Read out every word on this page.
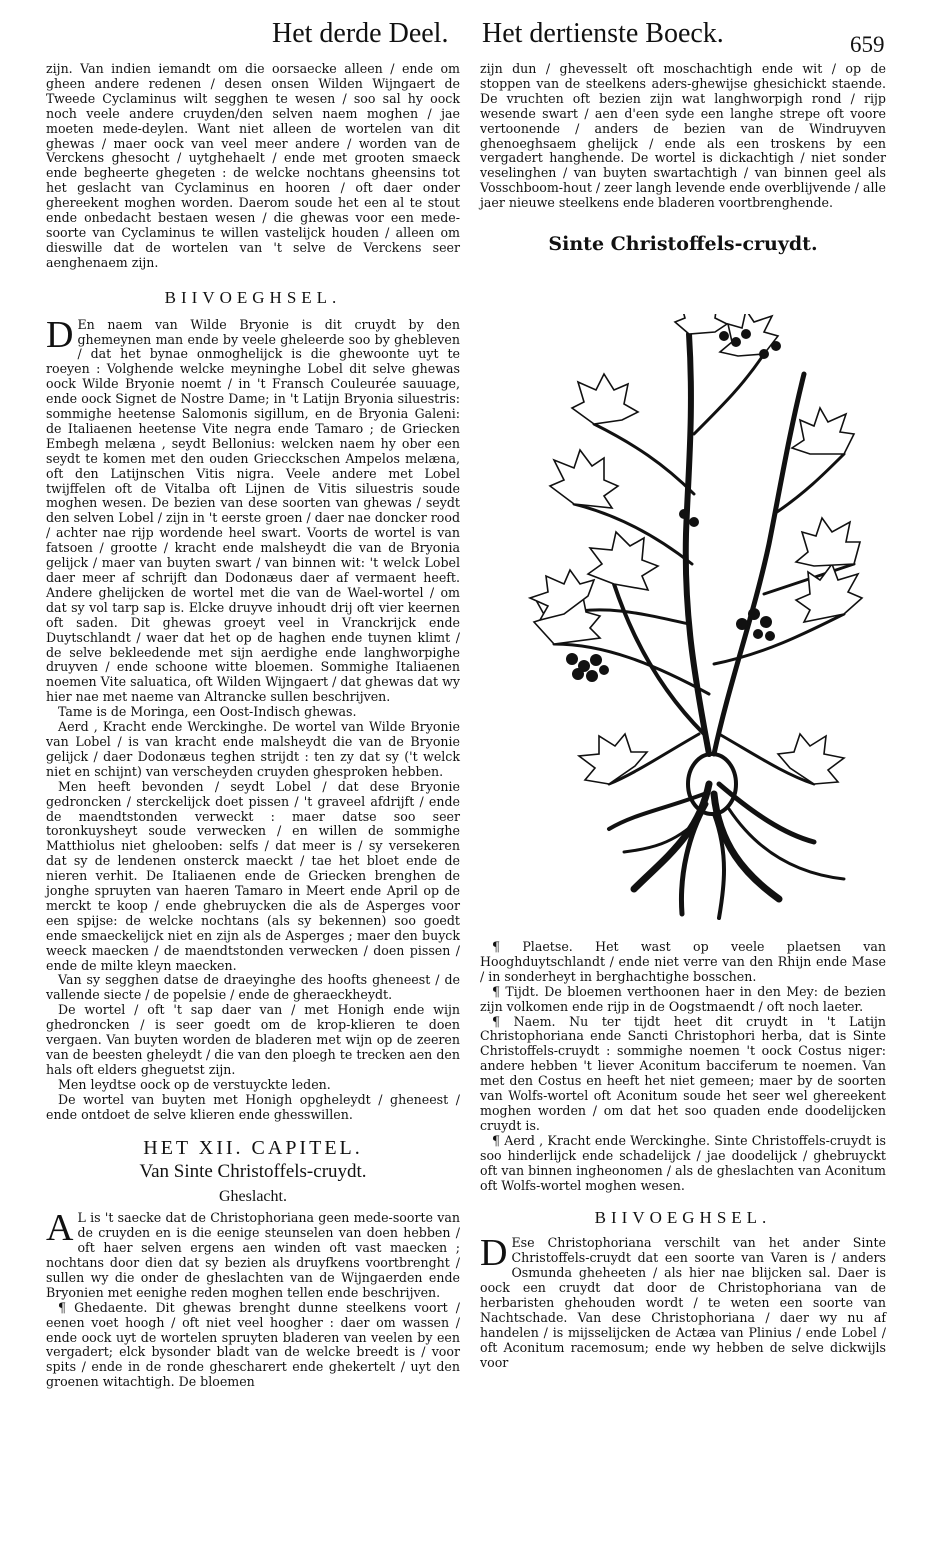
Het derde Deel. Het dertienste Boeck.	659

zijn. Van indien iemandt om die oorsaecke alleen / ende om gheen andere redenen / desen onsen Wilden Wijngaert de Tweede Cyclaminus wilt segghen te wesen / soo sal hy oock noch veele andere cruyden/den selven naem moghen / jae moeten mede-deylen. Want niet alleen de wortelen van dit ghewas / maer oock van veel meer andere / worden van de Verckens ghesocht / uytghehaelt / ende met grooten smaeck ende begheerte ghegeten : de welcke nochtans gheensins tot het geslacht van Cyclaminus en hooren / oft daer onder ghereekent moghen worden. Daerom soude het een al te stout ende onbedacht bestaen wesen / die ghewas voor een mede-soorte van Cyclaminus te willen vastelijck houden / alleen om dieswille dat de wortelen van 't selve de Verckens seer aenghenaem zijn.

BIIVOEGHSEL.

D En naem van Wilde Bryonie is dit cruydt by den ghemeynen man ende by veele gheleerde soo by ghebleven / dat het bynae onmoghelijck is die ghewoonte uyt te roeyen : Volghende welcke meyninghe Lobel dit selve ghewas oock Wilde Bryonie noemt / in 't Fransch Couleurée sauuage, ende oock Signet de Nostre Dame; in 't Latijn Bryonia siluestris: sommighe heetense Salomonis sigillum, en de Bryonia Galeni: de Italiaenen heetense Vite negra ende Tamaro ; de Griecken Embegh melæna , seydt Bellonius: welcken naem hy ober een seydt te komen met den ouden Griecckschen Ampelos melæna, oft den Latijnschen Vitis nigra. Veele andere met Lobel twijffelen oft de Vitalba oft Lijnen de Vitis siluestris soude moghen wesen. De bezien van dese soorten van ghewas / seydt den selven Lobel / zijn in 't eerste groen / daer nae doncker rood / achter nae rijp wordende heel swart. Voorts de wortel is van fatsoen / grootte / kracht ende malsheydt die van de Bryonia gelijck / maer van buyten swart / van binnen wit: 't welck Lobel daer meer af schrijft dan Dodonæus daer af vermaent heeft. Andere ghelijcken de wortel met die van de Wael-wortel / om dat sy vol tarp sap is. Elcke druyve inhoudt drij oft vier keernen oft saden. Dit ghewas groeyt veel in Vranckrijck ende Duytschlandt / waer dat het op de haghen ende tuynen klimt / de selve bekleedende met sijn aerdighe ende langhworpighe druyven / ende schoone witte bloemen. Sommighe Italiaenen noemen Vite saluatica, oft Wilden Wijngaert / dat ghewas dat wy hier nae met naeme van Altrancke sullen beschrijven.

Tame is de Moringa, een Oost-Indisch ghewas.

Aerd , Kracht ende Werckinghe. De wortel van Wilde Bryonie van Lobel / is van kracht ende malsheydt die van de Bryonie gelijck / daer Dodonæus teghen strijdt : ten zy dat sy ('t welck niet en schijnt) van verscheyden cruyden ghesproken hebben.

Men heeft bevonden / seydt Lobel / dat dese Bryonie gedroncken / sterckelijck doet pissen / 't graveel afdrijft / ende de maendtstonden verweckt : maer datse soo seer toronkuysheyt soude verwecken / en willen de sommighe Matthiolus niet ghelooben: selfs / dat meer is / sy versekeren dat sy de lendenen onsterck maeckt / tae het bloet ende de nieren verhit. De Italiaenen ende de Griecken brenghen de jonghe spruyten van haeren Tamaro in Meert ende April op de merckt te koop / ende ghebruycken die als de Asperges voor een spijse: de welcke nochtans (als sy bekennen) soo goedt ende smaeckelijck niet en zijn als de Asperges ; maer den buyck weeck maecken / de maendtstonden verwecken / doen pissen / ende de milte kleyn maecken.

Van sy segghen datse de draeyinghe des hoofts gheneest / de vallende siecte / de popelsie / ende de gheraeckheydt.

De wortel / oft 't sap daer van / met Honigh ende wijn ghedroncken / is seer goedt om de krop-klieren te doen vergaen. Van buyten worden de bladeren met wijn op de zeeren van de beesten gheleydt / die van den ploegh te trecken aen den hals oft elders gheguetst zijn.

Men leydtse oock op de verstuyckte leden.

De wortel van buyten met Honigh opgheleydt / gheneest / ende ontdoet de selve klieren ende ghesswillen.

HET XII. CAPITEL.

Van Sinte Christoffels-cruydt.

Gheslacht.

A L is 't saecke dat de Christophoriana geen mede-soorte van de cruyden en is die eenige steunselen van doen hebben / oft haer selven ergens aen winden oft vast maecken ; nochtans door dien dat sy bezien als druyfkens voortbrenght / sullen wy die onder de gheslachten van de Wijngaerden ende Bryonien met eenighe reden moghen tellen ende beschrijven.

¶ Ghedaente. Dit ghewas brenght dunne steelkens voort / eenen voet hoogh / oft niet veel hoogher : daer om wassen / ende oock uyt de wortelen spruyten bladeren van veelen by een vergadert; elck bysonder bladt van de welcke breedt is / voor spits / ende in de ronde ghescharert ende ghekertelt / uyt den groenen witachtigh. De bloemen

zijn dun / ghevesselt oft moschachtigh ende wit / op de stoppen van de steelkens aders-ghewijse ghesichickt staende. De vruchten oft bezien zijn wat langhworpigh rond / rijp wesende swart / aen d'een syde een langhe strepe oft voore vertoonende / anders de bezien van de Windruyven ghenoeghsaem ghelijck / ende als een troskens by een vergadert hanghende. De wortel is dickachtigh / niet sonder veselinghen / van buyten swartachtigh / van binnen geel als Vosschboom-hout / zeer langh levende ende overblijvende / alle jaer nieuwe steelkens ende bladeren voortbrenghende.

Sinte Christoffels-cruydt.

¶ Plaetse. Het wast op veele plaetsen van Hooghduytschlandt / ende niet verre van den Rhijn ende Mase / in sonderheyt in berghachtighe bosschen.

¶ Tijdt. De bloemen verthoonen haer in den Mey: de bezien zijn volkomen ende rijp in de Oogstmaendt / oft noch laeter.

¶ Naem. Nu ter tijdt heet dit cruydt in 't Latijn Christophoriana ende Sancti Christophori herba, dat is Sinte Christoffels-cruydt : sommighe noemen 't oock Costus niger: andere hebben 't liever Aconitum bacciferum te noemen. Van met den Costus en heeft het niet gemeen; maer by de soorten van Wolfs-wortel oft Aconitum soude het seer wel ghereekent moghen worden / om dat het soo quaden ende doodelijcken cruydt is.

¶ Aerd , Kracht ende Werckinghe. Sinte Christoffels-cruydt is soo hinderlijck ende schadelijck / jae doodelijck / ghebruyckt oft van binnen ingheonomen / als de gheslachten van Aconitum oft Wolfs-wortel moghen wesen.

BIIVOEGHSEL.

D Ese Christophoriana verschilt van het ander Sinte Christoffels-cruydt dat een soorte van Varen is / anders Osmunda gheheeten / als hier nae blijcken sal. Daer is oock een cruydt dat door de Christophoriana van de herbaristen ghehouden wordt / te weten een soorte van Nachtschade. Van dese Christophoriana / daer wy nu af handelen / is mijsselijcken de Actæa van Plinius / ende Lobel / oft Aconitum racemosum; ende wy hebben de selve dickwijls voor
